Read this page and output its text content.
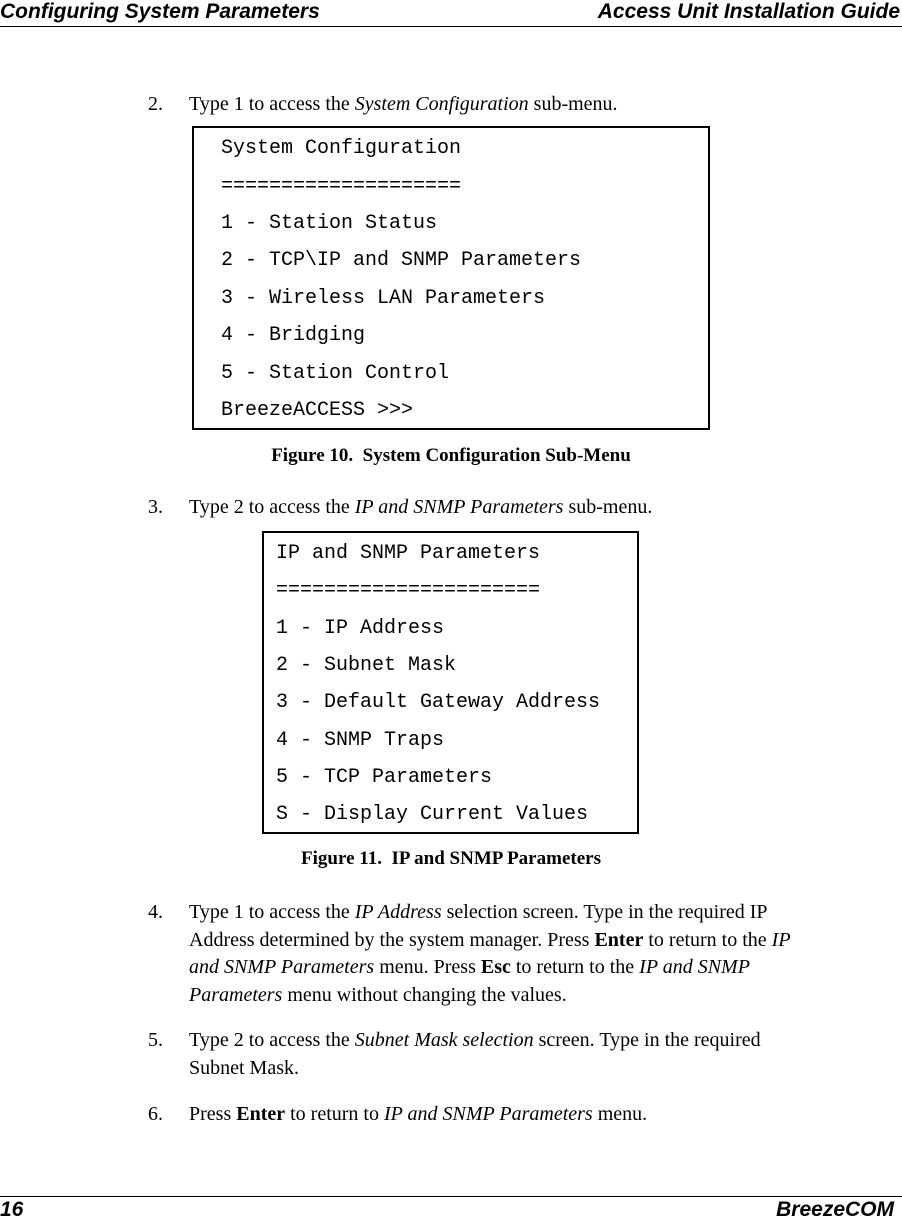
Configuring System Parameters	Access Unit Installation Guide
2. Type 1 to access the System Configuration sub-menu.
System Configuration
====================
1 - Station Status
2 - TCP\IP and SNMP Parameters
3 - Wireless LAN Parameters
4 - Bridging
5 - Station Control
BreezeACCESS >>>
Figure 10.  System Configuration Sub-Menu
3. Type 2 to access the IP and SNMP Parameters sub-menu.
IP and SNMP Parameters
======================
1 - IP Address
2 - Subnet Mask
3 - Default Gateway Address
4 - SNMP Traps
5 - TCP Parameters
S - Display Current Values
Figure 11.  IP and SNMP Parameters
4. Type 1 to access the IP Address selection screen. Type in the required IP
Address determined by the system manager. Press Enter to return to the IP
and SNMP Parameters menu. Press Esc to return to the IP and SNMP
Parameters menu without changing the values.
5. Type 2 to access the Subnet Mask selection screen. Type in the required
Subnet Mask.
6. Press Enter to return to IP and SNMP Parameters menu.
16	BreezeCOM
